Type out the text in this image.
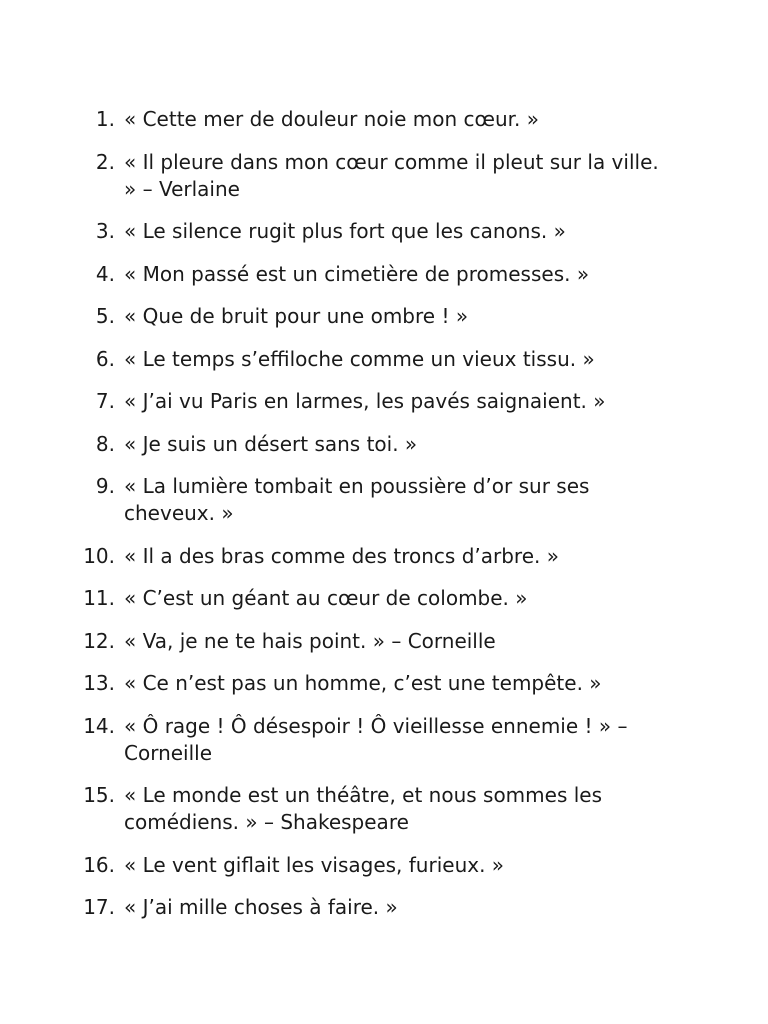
1. « Cette mer de douleur noie mon cœur. »
2. « Il pleure dans mon cœur comme il pleut sur la ville. » – Verlaine
3. « Le silence rugit plus fort que les canons. »
4. « Mon passé est un cimetière de promesses. »
5. « Que de bruit pour une ombre ! »
6. « Le temps s’effiloche comme un vieux tissu. »
7. « J’ai vu Paris en larmes, les pavés saignaient. »
8. « Je suis un désert sans toi. »
9. « La lumière tombait en poussière d’or sur ses cheveux. »
10. « Il a des bras comme des troncs d’arbre. »
11. « C’est un géant au cœur de colombe. »
12. « Va, je ne te hais point. » – Corneille
13. « Ce n’est pas un homme, c’est une tempête. »
14. « Ô rage ! Ô désespoir ! Ô vieillesse ennemie ! » – Corneille
15. « Le monde est un théâtre, et nous sommes les comédiens. » – Shakespeare
16. « Le vent giflait les visages, furieux. »
17. « J’ai mille choses à faire. »
